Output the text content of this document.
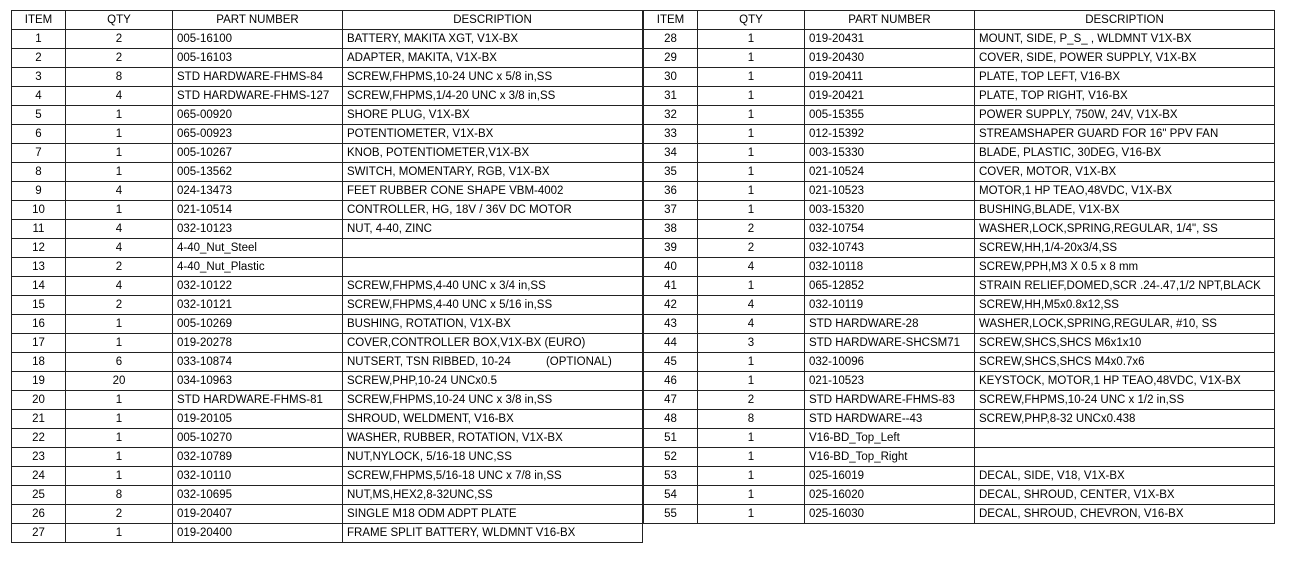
ITEM	QTY	PART NUMBER	DESCRIPTION
1	2	005-16100	BATTERY, MAKITA XGT, V1X-BX
2	2	005-16103	ADAPTER, MAKITA, V1X-BX
3	8	STD HARDWARE-FHMS-84	SCREW,FHPMS,10-24 UNC x 5/8 in,SS
4	4	STD HARDWARE-FHMS-127	SCREW,FHPMS,1/4-20 UNC x 3/8 in,SS
5	1	065-00920	SHORE PLUG, V1X-BX
6	1	065-00923	POTENTIOMETER, V1X-BX
7	1	005-10267	KNOB, POTENTIOMETER,V1X-BX
8	1	005-13562	SWITCH, MOMENTARY, RGB, V1X-BX
9	4	024-13473	FEET RUBBER CONE SHAPE VBM-4002
10	1	021-10514	CONTROLLER, HG, 18V / 36V DC MOTOR
11	4	032-10123	NUT, 4-40, ZINC
12	4	4-40_Nut_Steel	
13	2	4-40_Nut_Plastic	
14	4	032-10122	SCREW,FHPMS,4-40 UNC x 3/4 in,SS
15	2	032-10121	SCREW,FHPMS,4-40 UNC x 5/16 in,SS
16	1	005-10269	BUSHING, ROTATION, V1X-BX
17	1	019-20278	COVER,CONTROLLER BOX,V1X-BX (EURO)
18	6	033-10874	NUTSERT, TSN RIBBED, 10-24           (OPTIONAL)
19	20	034-10963	SCREW,PHP,10-24 UNCx0.5
20	1	STD HARDWARE-FHMS-81	SCREW,FHPMS,10-24 UNC x 3/8 in,SS
21	1	019-20105	SHROUD, WELDMENT, V16-BX
22	1	005-10270	WASHER, RUBBER, ROTATION, V1X-BX
23	1	032-10789	NUT,NYLOCK, 5/16-18 UNC,SS
24	1	032-10110	SCREW,FHPMS,5/16-18 UNC x 7/8 in,SS
25	8	032-10695	NUT,MS,HEX2,8-32UNC,SS
26	2	019-20407	SINGLE M18 ODM ADPT PLATE
27	1	019-20400	FRAME SPLIT BATTERY, WLDMNT V16-BX
ITEM	QTY	PART NUMBER	DESCRIPTION
28	1	019-20431	MOUNT, SIDE, P_S_ , WLDMNT V1X-BX
29	1	019-20430	COVER, SIDE, POWER SUPPLY, V1X-BX
30	1	019-20411	PLATE, TOP LEFT, V16-BX
31	1	019-20421	PLATE, TOP RIGHT, V16-BX
32	1	005-15355	POWER SUPPLY, 750W, 24V, V1X-BX
33	1	012-15392	STREAMSHAPER GUARD FOR 16" PPV FAN
34	1	003-15330	BLADE, PLASTIC, 30DEG, V16-BX
35	1	021-10524	COVER, MOTOR, V1X-BX
36	1	021-10523	MOTOR,1 HP TEAO,48VDC, V1X-BX
37	1	003-15320	BUSHING,BLADE, V1X-BX
38	2	032-10754	WASHER,LOCK,SPRING,REGULAR, 1/4", SS
39	2	032-10743	SCREW,HH,1/4-20x3/4,SS
40	4	032-10118	SCREW,PPH,M3 X 0.5 x 8 mm
41	1	065-12852	STRAIN RELIEF,DOMED,SCR .24-.47,1/2 NPT,BLACK
42	4	032-10119	SCREW,HH,M5x0.8x12,SS
43	4	STD HARDWARE-28	WASHER,LOCK,SPRING,REGULAR, #10, SS
44	3	STD HARDWARE-SHCSM71	SCREW,SHCS,SHCS M6x1x10
45	1	032-10096	SCREW,SHCS,SHCS M4x0.7x6
46	1	021-10523	KEYSTOCK, MOTOR,1 HP TEAO,48VDC, V1X-BX
47	2	STD HARDWARE-FHMS-83	SCREW,FHPMS,10-24 UNC x 1/2 in,SS
48	8	STD HARDWARE--43	SCREW,PHP,8-32 UNCx0.438
51	1	V16-BD_Top_Left	
52	1	V16-BD_Top_Right	
53	1	025-16019	DECAL, SIDE, V18, V1X-BX
54	1	025-16020	DECAL, SHROUD, CENTER, V1X-BX
55	1	025-16030	DECAL, SHROUD, CHEVRON, V16-BX
